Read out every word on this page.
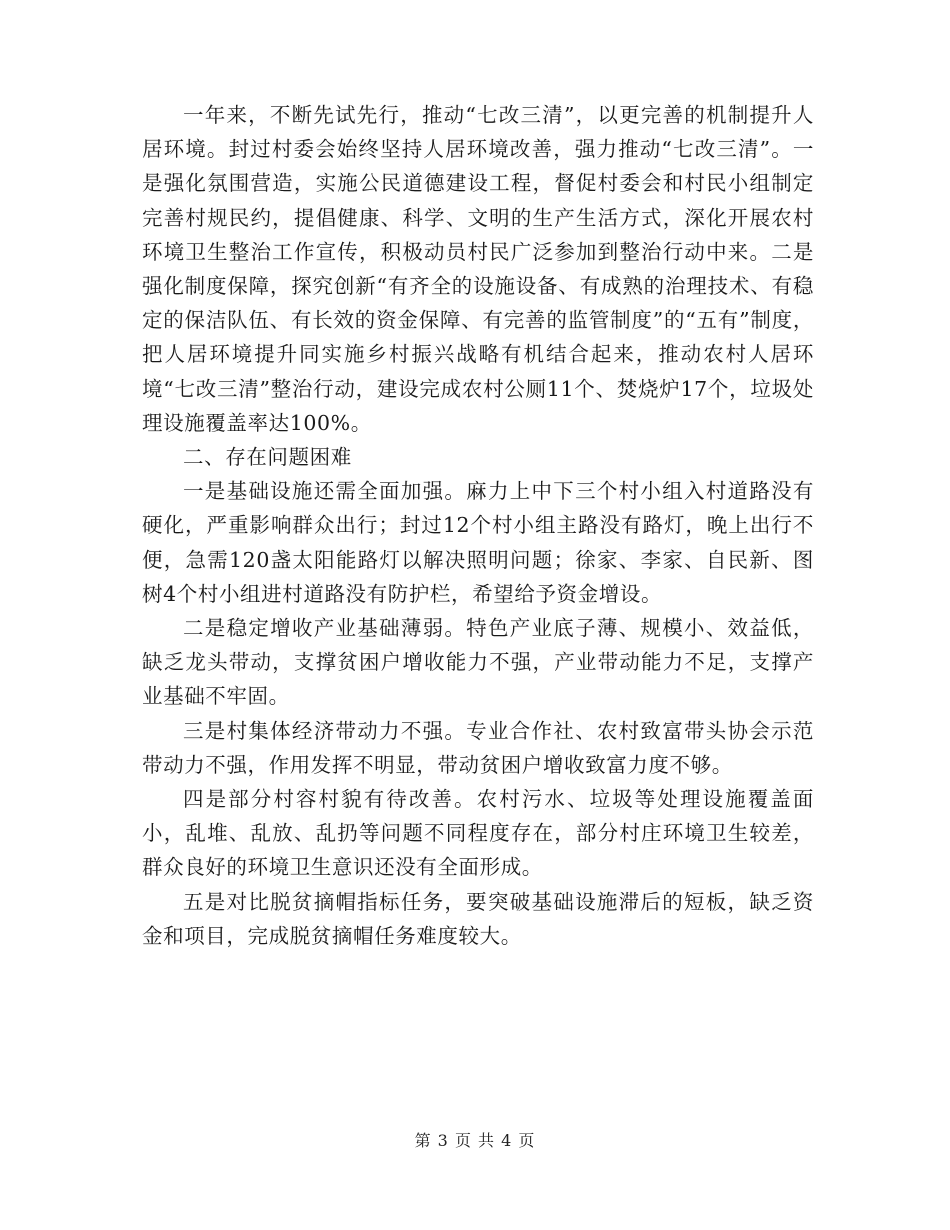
一年来，不断先试先行，推动“七改三清”，以更完善的机制提升人居环境。封过村委会始终坚持人居环境改善，强力推动“七改三清”。一是强化氛围营造，实施公民道德建设工程，督促村委会和村民小组制定完善村规民约，提倡健康、科学、文明的生产生活方式，深化开展农村环境卫生整治工作宣传，积极动员村民广泛参加到整治行动中来。二是强化制度保障，探究创新“有齐全的设施设备、有成熟的治理技术、有稳定的保洁队伍、有长效的资金保障、有完善的监管制度”的“五有”制度，把人居环境提升同实施乡村振兴战略有机结合起来，推动农村人居环境“七改三清”整治行动，建设完成农村公厕11个、焚烧炉17个，垃圾处理设施覆盖率达100%。

二、存在问题困难

一是基础设施还需全面加强。麻力上中下三个村小组入村道路没有硬化，严重影响群众出行；封过12个村小组主路没有路灯，晚上出行不便，急需120盏太阳能路灯以解决照明问题；徐家、李家、自民新、图树4个村小组进村道路没有防护栏，希望给予资金增设。

二是稳定增收产业基础薄弱。特色产业底子薄、规模小、效益低，缺乏龙头带动，支撑贫困户增收能力不强，产业带动能力不足，支撑产业基础不牢固。

三是村集体经济带动力不强。专业合作社、农村致富带头协会示范带动力不强，作用发挥不明显，带动贫困户增收致富力度不够。

四是部分村容村貌有待改善。农村污水、垃圾等处理设施覆盖面小，乱堆、乱放、乱扔等问题不同程度存在，部分村庄环境卫生较差，群众良好的环境卫生意识还没有全面形成。

五是对比脱贫摘帽指标任务，要突破基础设施滞后的短板，缺乏资金和项目，完成脱贫摘帽任务难度较大。

第 3 页 共 4 页
